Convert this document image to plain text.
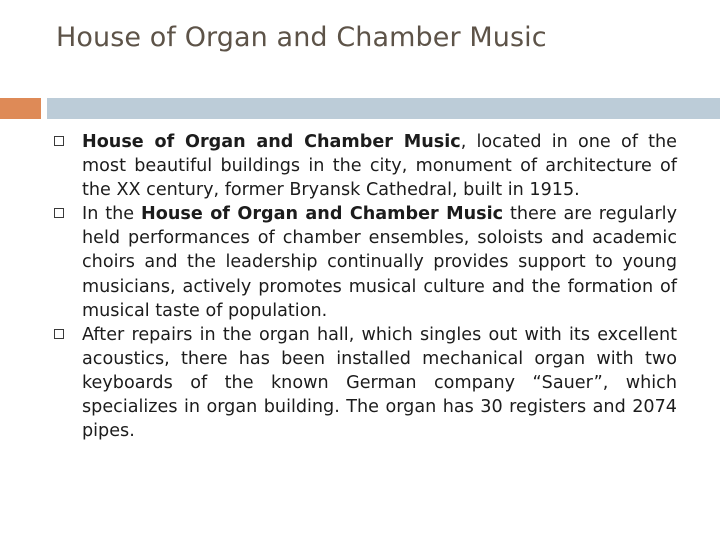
House of Organ and Chamber Music
House of Organ and Chamber Music, located in one of the most beautiful buildings in the city, monument of architecture of the XX century, former Bryansk Cathedral, built in 1915.
In the House of Organ and Chamber Music there are regularly held performances of chamber ensembles, soloists and academic choirs and the leadership continually provides support to young musicians, actively promotes musical culture and the formation of musical taste of population.
After repairs in the organ hall, which singles out with its excellent acoustics, there has been installed mechanical organ with two keyboards of the known German company “Sauer”, which specializes in organ building. The organ has 30 registers and 2074 pipes.
